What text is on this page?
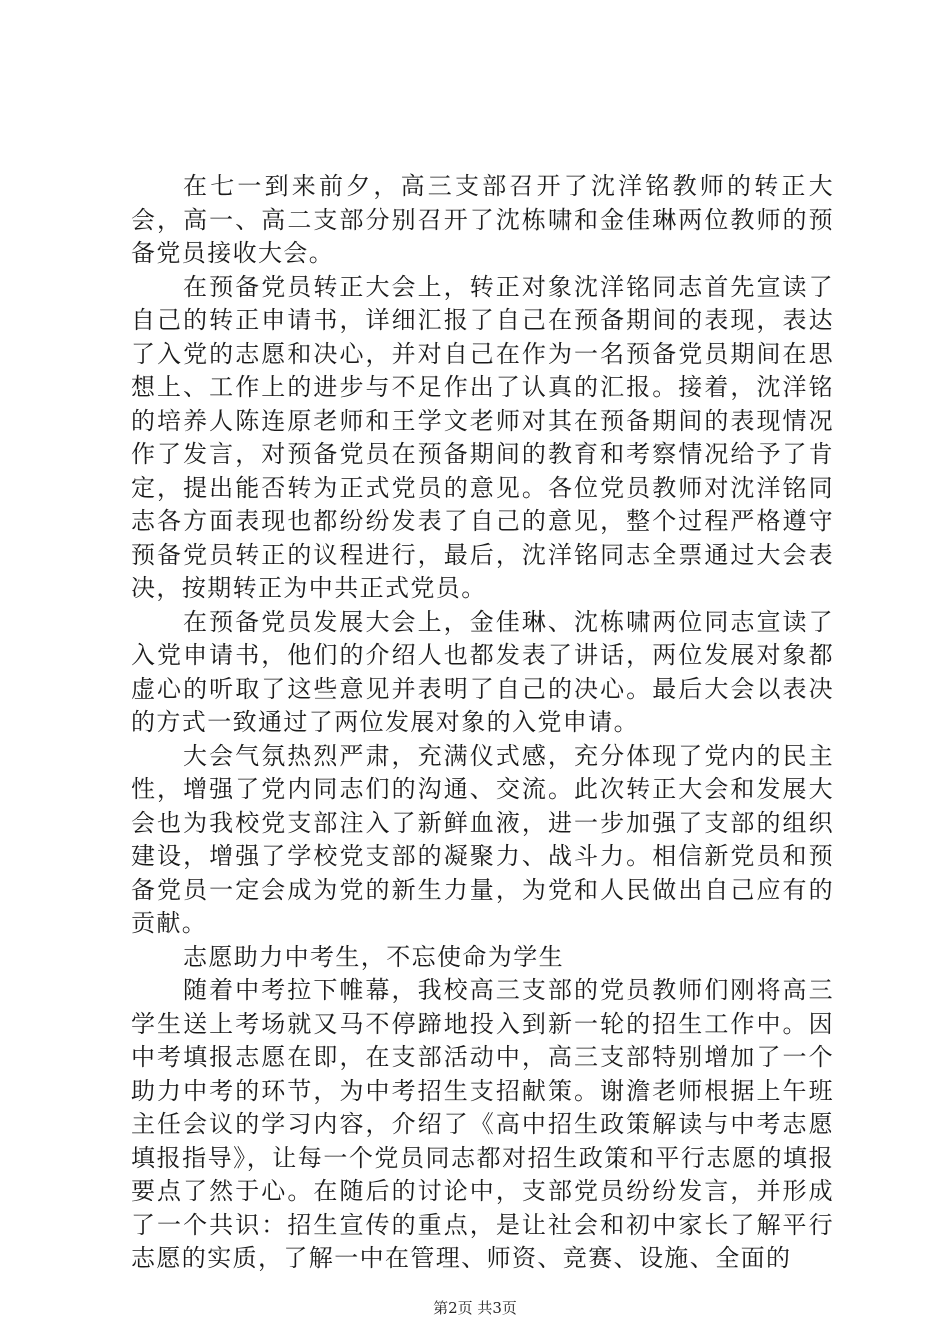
在七一到来前夕，高三支部召开了沈洋铭教师的转正大会，高一、高二支部分别召开了沈栋啸和金佳琳两位教师的预备党员接收大会。

在预备党员转正大会上，转正对象沈洋铭同志首先宣读了自己的转正申请书，详细汇报了自己在预备期间的表现，表达了入党的志愿和决心，并对自己在作为一名预备党员期间在思想上、工作上的进步与不足作出了认真的汇报。接着，沈洋铭的培养人陈连原老师和王学文老师对其在预备期间的表现情况作了发言，对预备党员在预备期间的教育和考察情况给予了肯定，提出能否转为正式党员的意见。各位党员教师对沈洋铭同志各方面表现也都纷纷发表了自己的意见，整个过程严格遵守预备党员转正的议程进行，最后，沈洋铭同志全票通过大会表决，按期转正为中共正式党员。

在预备党员发展大会上，金佳琳、沈栋啸两位同志宣读了入党申请书，他们的介绍人也都发表了讲话，两位发展对象都虚心的听取了这些意见并表明了自己的决心。最后大会以表决的方式一致通过了两位发展对象的入党申请。

大会气氛热烈严肃，充满仪式感，充分体现了党内的民主性，增强了党内同志们的沟通、交流。此次转正大会和发展大会也为我校党支部注入了新鲜血液，进一步加强了支部的组织建设，增强了学校党支部的凝聚力、战斗力。相信新党员和预备党员一定会成为党的新生力量，为党和人民做出自己应有的贡献。

志愿助力中考生，不忘使命为学生

随着中考拉下帷幕，我校高三支部的党员教师们刚将高三学生送上考场就又马不停蹄地投入到新一轮的招生工作中。因中考填报志愿在即，在支部活动中，高三支部特别增加了一个助力中考的环节，为中考招生支招献策。谢澹老师根据上午班主任会议的学习内容，介绍了《高中招生政策解读与中考志愿填报指导》，让每一个党员同志都对招生政策和平行志愿的填报要点了然于心。在随后的讨论中，支部党员纷纷发言，并形成了一个共识：招生宣传的重点，是让社会和初中家长了解平行志愿的实质，了解一中在管理、师资、竞赛、设施、全面的

第2页 共3页
